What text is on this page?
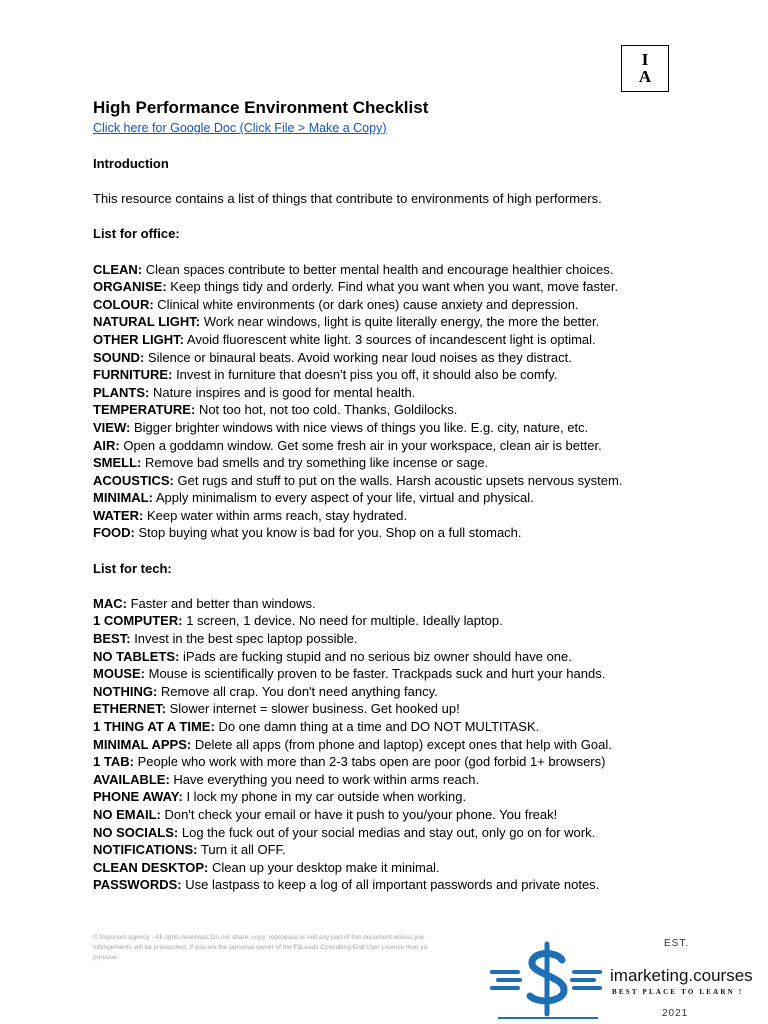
I
A
High Performance Environment Checklist
Click here for Google Doc (Click File > Make a Copy)

Introduction

This resource contains a list of things that contribute to environments of high performers.

List for office:

CLEAN: Clean spaces contribute to better mental health and encourage healthier choices.

ORGANISE: Keep things tidy and orderly. Find what you want when you want, move faster.

COLOUR: Clinical white environments (or dark ones) cause anxiety and depression.

NATURAL LIGHT: Work near windows, light is quite literally energy, the more the better.

OTHER LIGHT: Avoid fluorescent white light. 3 sources of incandescent light is optimal.

SOUND: Silence or binaural beats. Avoid working near loud noises as they distract.

FURNITURE: Invest in furniture that doesn't piss you off, it should also be comfy.

PLANTS: Nature inspires and is good for mental health.

TEMPERATURE: Not too hot, not too cold. Thanks, Goldilocks.

VIEW: Bigger brighter windows with nice views of things you like. E.g. city, nature, etc.

AIR: Open a goddamn window. Get some fresh air in your workspace, clean air is better.

SMELL: Remove bad smells and try something like incense or sage.

ACOUSTICS: Get rugs and stuff to put on the walls. Harsh acoustic upsets nervous system.

MINIMAL: Apply minimalism to every aspect of your life, virtual and physical.

WATER: Keep water within arms reach, stay hydrated.

FOOD: Stop buying what you know is bad for you. Shop on a full stomach.

List for tech:

MAC: Faster and better than windows.

1 COMPUTER: 1 screen, 1 device. No need for multiple. Ideally laptop.

BEST: Invest in the best spec laptop possible.

NO TABLETS: iPads are fucking stupid and no serious biz owner should have one.

MOUSE: Mouse is scientifically proven to be faster. Trackpads suck and hurt your hands.

NOTHING: Remove all crap. You don't need anything fancy.

ETHERNET: Slower internet = slower business. Get hooked up!

1 THING AT A TIME: Do one damn thing at a time and DO NOT MULTITASK.

MINIMAL APPS: Delete all apps (from phone and laptop) except ones that help with Goal.

1 TAB: People who work with more than 2-3 tabs open are poor (god forbid 1+ browsers)

AVAILABLE: Have everything you need to work within arms reach.

PHONE AWAY: I lock my phone in my car outside when working.

NO EMAIL: Don't check your email or have it push to you/your phone. You freak!

NO SOCIALS: Log the fuck out of your social medias and stay out, only go on for work.

NOTIFICATIONS: Turn it all OFF.

CLEAN DESKTOP: Clean up your desktop make it minimal.

PASSWORDS: Use lastpass to keep a log of all important passwords and private notes.

© Imperium Agency - All rights reserved. Do not share, copy, reproduce or sell any part of this document unless you
infringements will be prosecuted. If you are the personal owner of the FitLeads Consulting End User License then yo
purpose.
EST.
imarketing.courses
BEST PLACE TO LEARN !
2021
